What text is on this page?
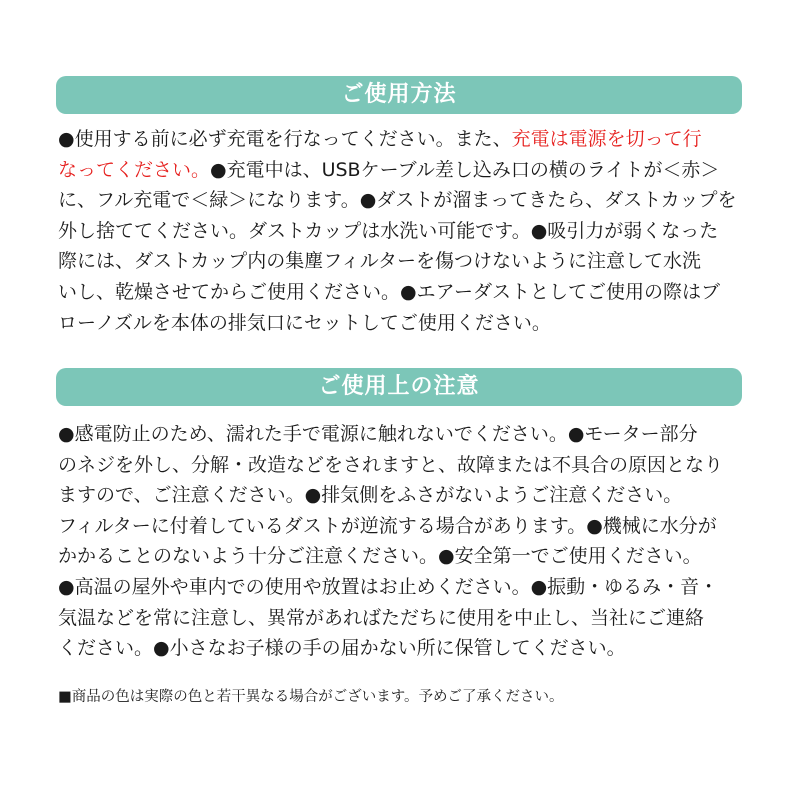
ご使用方法
●使用する前に必ず充電を行なってください。また、充電は電源を切って行
なってください。●充電中は、USBケーブル差し込み口の横のライトが＜赤＞
に、フル充電で＜緑＞になります。●ダストが溜まってきたら、ダストカップを
外し捨ててください。ダストカップは水洗い可能です。●吸引力が弱くなった
際には、ダストカップ内の集塵フィルターを傷つけないように注意して水洗
いし、乾燥させてからご使用ください。●エアーダストとしてご使用の際はブ
ローノズルを本体の排気口にセットしてご使用ください。
ご使用上の注意
●感電防止のため、濡れた手で電源に触れないでください。●モーター部分
のネジを外し、分解・改造などをされますと、故障または不具合の原因となり
ますので、ご注意ください。●排気側をふさがないようご注意ください。
フィルターに付着しているダストが逆流する場合があります。●機械に水分が
かかることのないよう十分ご注意ください。●安全第一でご使用ください。
●高温の屋外や車内での使用や放置はお止めください。●振動・ゆるみ・音・
気温などを常に注意し、異常があればただちに使用を中止し、当社にご連絡
ください。●小さなお子様の手の届かない所に保管してください。
■商品の色は実際の色と若干異なる場合がございます。予めご了承ください。
